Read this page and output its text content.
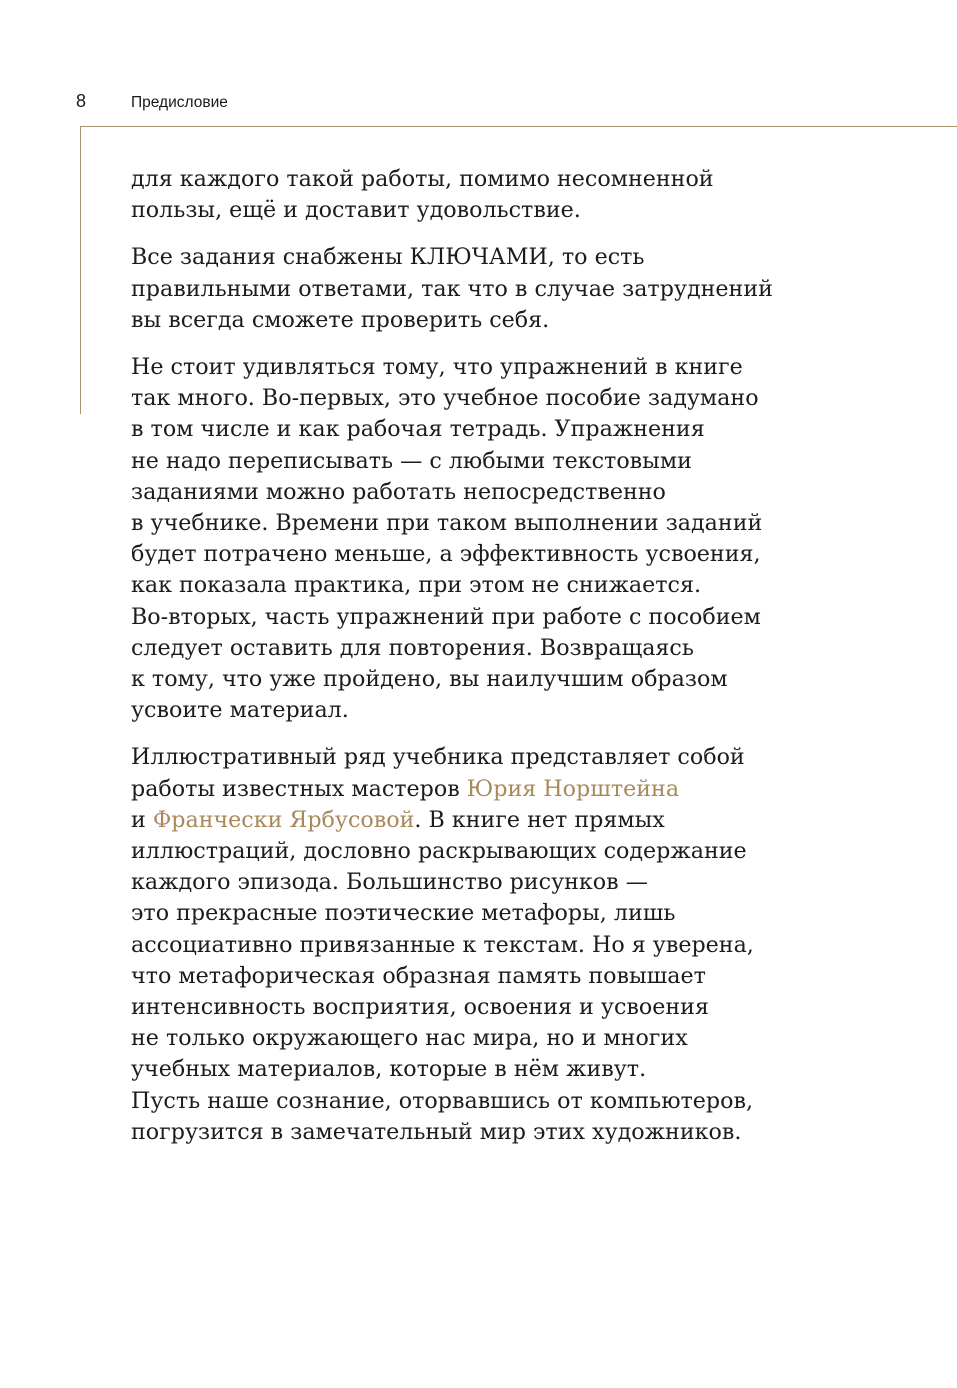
8	Предисловие

для каждого такой работы, помимо несомненной
пользы, ещё и доставит удовольствие.

Все задания снабжены КЛЮЧАМИ, то есть
правильными ответами, так что в случае затруднений
вы всегда сможете проверить себя.

Не стоит удивляться тому, что упражнений в книге
так много. Во-первых, это учебное пособие задумано
в том числе и как рабочая тетрадь. Упражнения
не надо переписывать — с любыми текстовыми
заданиями можно работать непосредственно
в учебнике. Времени при таком выполнении заданий
будет потрачено меньше, а эффективность усвоения,
как показала практика, при этом не снижается.
Во-вторых, часть упражнений при работе с пособием
следует оставить для повторения. Возвращаясь
к тому, что уже пройдено, вы наилучшим образом
усвоите материал.

Иллюстративный ряд учебника представляет собой
работы известных мастеров Юрия Норштейна
и Франчески Ярбусовой. В книге нет прямых
иллюстраций, дословно раскрывающих содержание
каждого эпизода. Большинство рисунков —
это прекрасные поэтические метафоры, лишь
ассоциативно привязанные к текстам. Но я уверена,
что метафорическая образная память повышает
интенсивность восприятия, освоения и усвоения
не только окружающего нас мира, но и многих
учебных материалов, которые в нём живут.
Пусть наше сознание, оторвавшись от компьютеров,
погрузится в замечательный мир этих художников.
